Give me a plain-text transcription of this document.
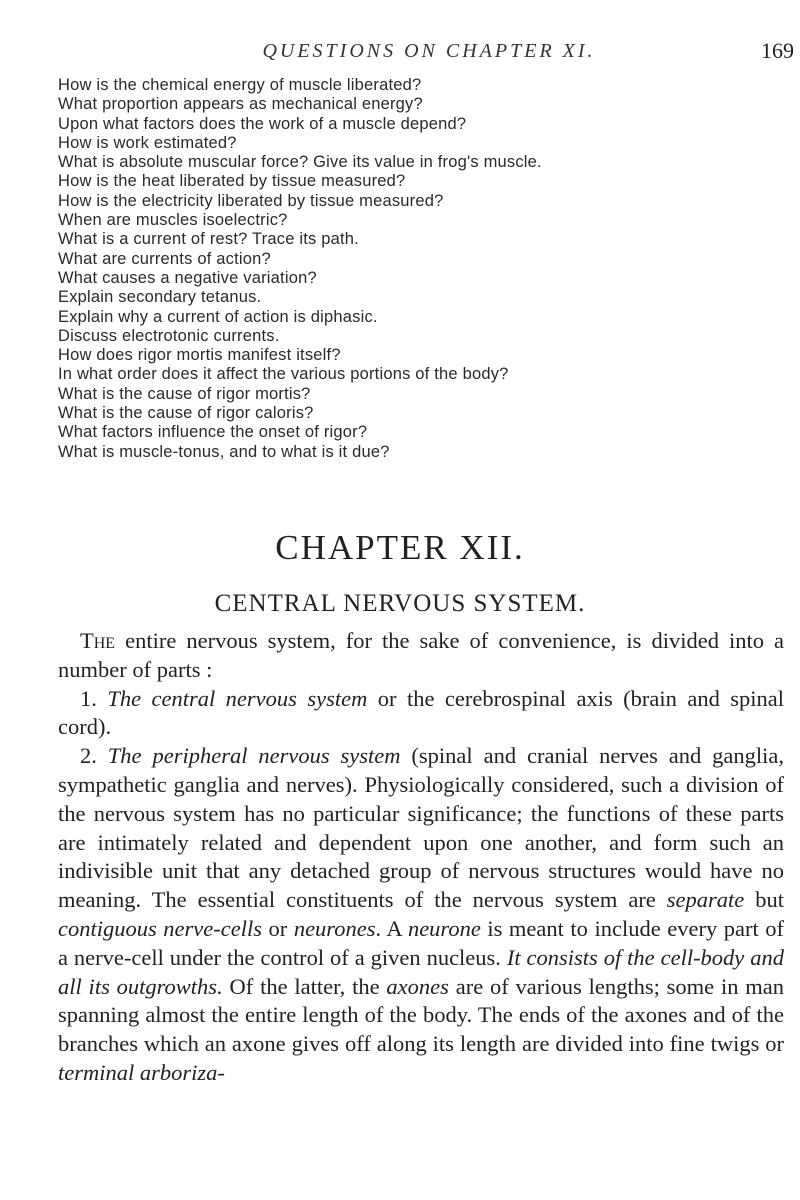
QUESTIONS ON CHAPTER XI.	169
How is the chemical energy of muscle liberated?
What proportion appears as mechanical energy?
Upon what factors does the work of a muscle depend?
How is work estimated?
What is absolute muscular force? Give its value in frog's muscle.
How is the heat liberated by tissue measured?
How is the electricity liberated by tissue measured?
When are muscles isoelectric?
What is a current of rest? Trace its path.
What are currents of action?
What causes a negative variation?
Explain secondary tetanus.
Explain why a current of action is diphasic.
Discuss electrotonic currents.
How does rigor mortis manifest itself?
In what order does it affect the various portions of the body?
What is the cause of rigor mortis?
What is the cause of rigor caloris?
What factors influence the onset of rigor?
What is muscle-tonus, and to what is it due?
CHAPTER XII.
CENTRAL NERVOUS SYSTEM.

The entire nervous system, for the sake of convenience, is divided into a number of parts :

1. The central nervous system or the cerebrospinal axis (brain and spinal cord).

2. The peripheral nervous system (spinal and cranial nerves and ganglia, sympathetic ganglia and nerves). Physiologically considered, such a division of the nervous system has no particular significance; the functions of these parts are intimately related and dependent upon one another, and form such an indivisible unit that any detached group of nervous structures would have no meaning. The essential constituents of the nervous system are separate but contiguous nerve-cells or neurones. A neurone is meant to include every part of a nerve-cell under the control of a given nucleus. It consists of the cell-body and all its outgrowths. Of the latter, the axones are of various lengths; some in man spanning almost the entire length of the body. The ends of the axones and of the branches which an axone gives off along its length are divided into fine twigs or terminal arboriza-
